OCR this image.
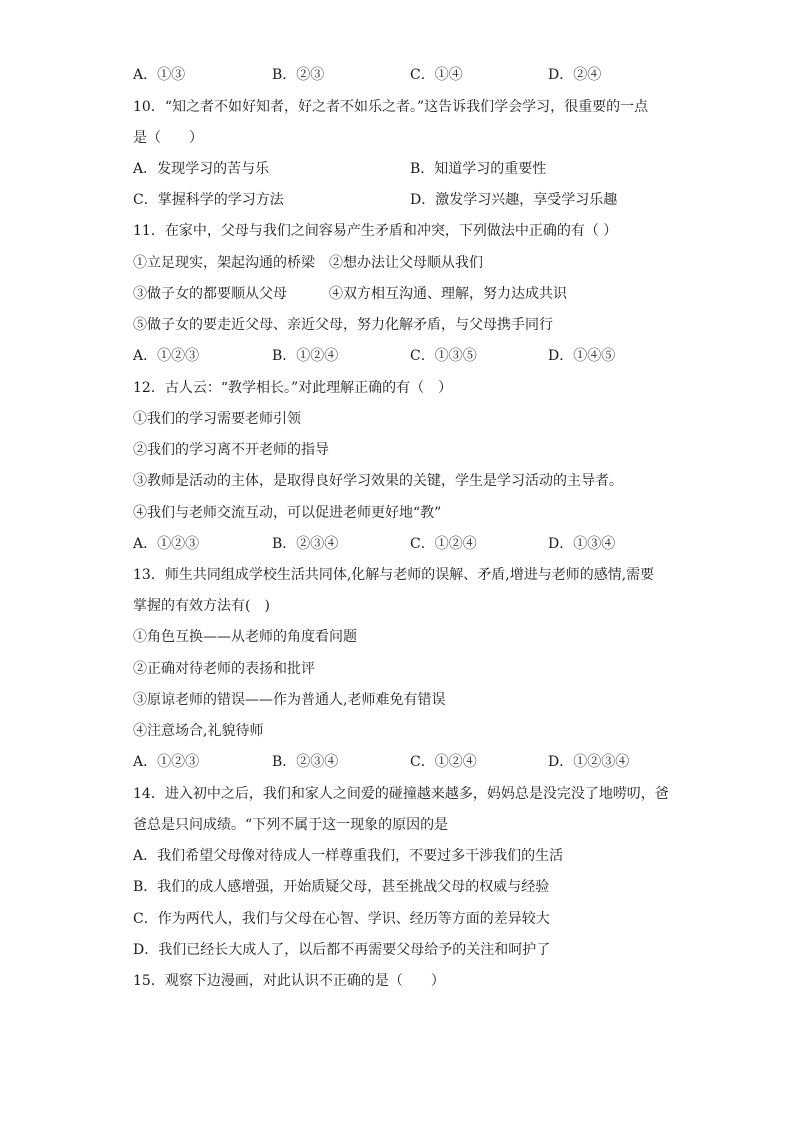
A．①③	B．②③	C．①④	D．②④
10．“知之者不如好知者，好之者不如乐之者。”这告诉我们学会学习，很重要的一点
是（　　）
A．发现学习的苦与乐	B．知道学习的重要性
C．掌握科学的学习方法	D．激发学习兴趣，享受学习乐趣
11．在家中，父母与我们之间容易产生矛盾和冲突，下列做法中正确的有（ ）
①立足现实，架起沟通的桥梁　②想办法让父母顺从我们
③做子女的都要顺从父母　　　④双方相互沟通、理解，努力达成共识
⑤做子女的要走近父母、亲近父母，努力化解矛盾，与父母携手同行
A．①②③	B．①②④	C．①③⑤	D．①④⑤
12．古人云：“教学相长。”对此理解正确的有（　）
①我们的学习需要老师引领
②我们的学习离不开老师的指导
③教师是活动的主体，是取得良好学习效果的关键，学生是学习活动的主导者。
④我们与老师交流互动，可以促进老师更好地“教”
A．①②③	B．②③④	C．①②④	D．①③④
13．师生共同组成学校生活共同体,化解与老师的误解、矛盾,增进与老师的感情,需要
掌握的有效方法有(　)
①角色互换——从老师的角度看问题
②正确对待老师的表扬和批评
③原谅老师的错误——作为普通人,老师难免有错误
④注意场合,礼貌待师
A．①②③	B．②③④	C．①②④	D．①②③④
14．进入初中之后，我们和家人之间爱的碰撞越来越多，妈妈总是没完没了地唠叨，爸
爸总是只问成绩。“下列不属于这一现象的原因的是
A．我们希望父母像对待成人一样尊重我们，不要过多干涉我们的生活
B．我们的成人感增强，开始质疑父母，甚至挑战父母的权威与经验
C．作为两代人，我们与父母在心智、学识、经历等方面的差异较大
D．我们已经长大成人了，以后都不再需要父母给予的关注和呵护了
15．观察下边漫画，对此认识不正确的是（　　）
